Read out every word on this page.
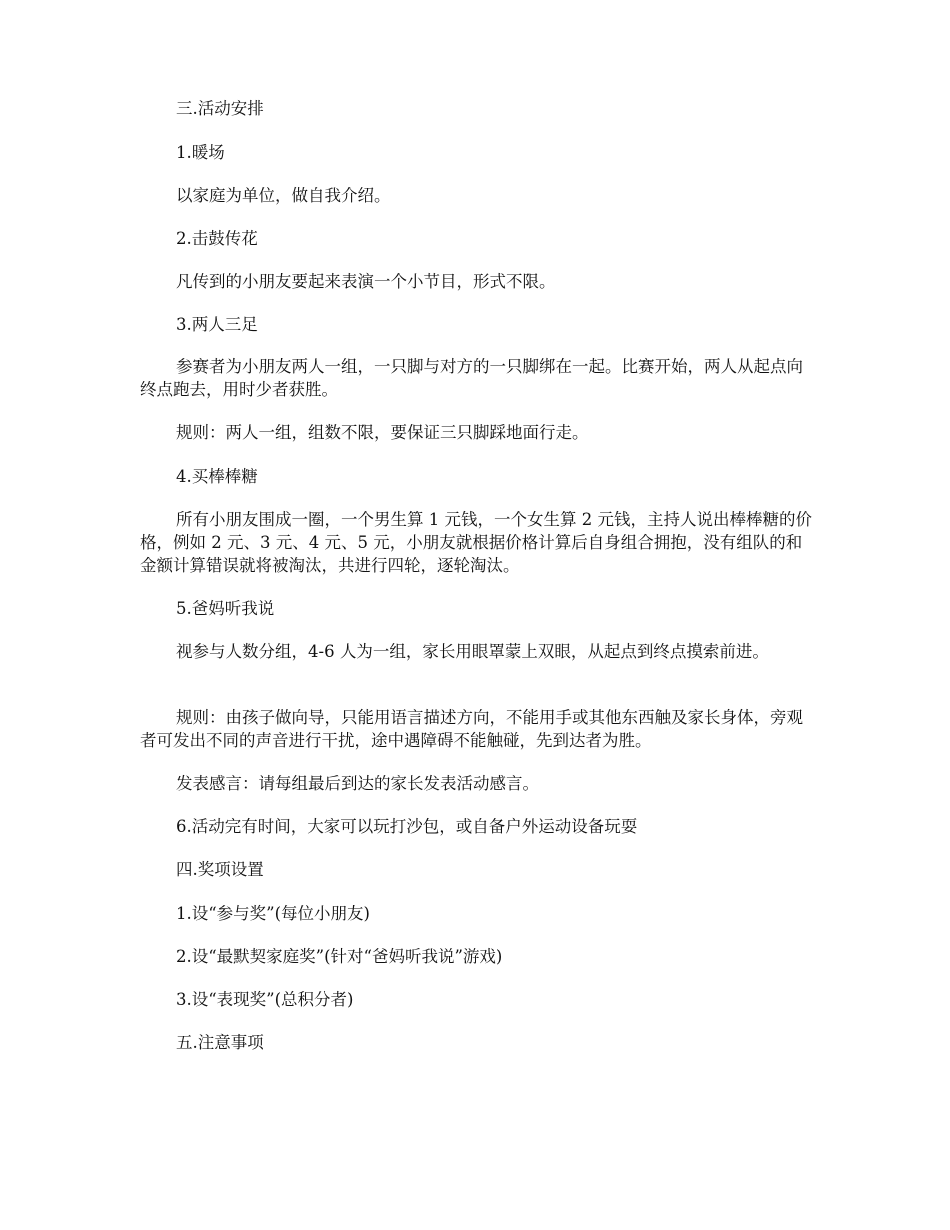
三.活动安排

1.暖场

以家庭为单位，做自我介绍。

2.击鼓传花

凡传到的小朋友要起来表演一个小节目，形式不限。

3.两人三足

参赛者为小朋友两人一组，一只脚与对方的一只脚绑在一起。比赛开始，两人从起点向终点跑去，用时少者获胜。

规则：两人一组，组数不限，要保证三只脚踩地面行走。

4.买棒棒糖

所有小朋友围成一圈，一个男生算 1 元钱，一个女生算 2 元钱，主持人说出棒棒糖的价格，例如 2 元、3 元、4 元、5 元，小朋友就根据价格计算后自身组合拥抱，没有组队的和金额计算错误就将被淘汰，共进行四轮，逐轮淘汰。

5.爸妈听我说

视参与人数分组，4-6 人为一组，家长用眼罩蒙上双眼，从起点到终点摸索前进。

规则：由孩子做向导，只能用语言描述方向，不能用手或其他东西触及家长身体，旁观者可发出不同的声音进行干扰，途中遇障碍不能触碰，先到达者为胜。

发表感言：请每组最后到达的家长发表活动感言。

6.活动完有时间，大家可以玩打沙包，或自备户外运动设备玩耍

四.奖项设置

1.设“参与奖”(每位小朋友)

2.设“最默契家庭奖”(针对“爸妈听我说”游戏)

3.设“表现奖”(总积分者)

五.注意事项
